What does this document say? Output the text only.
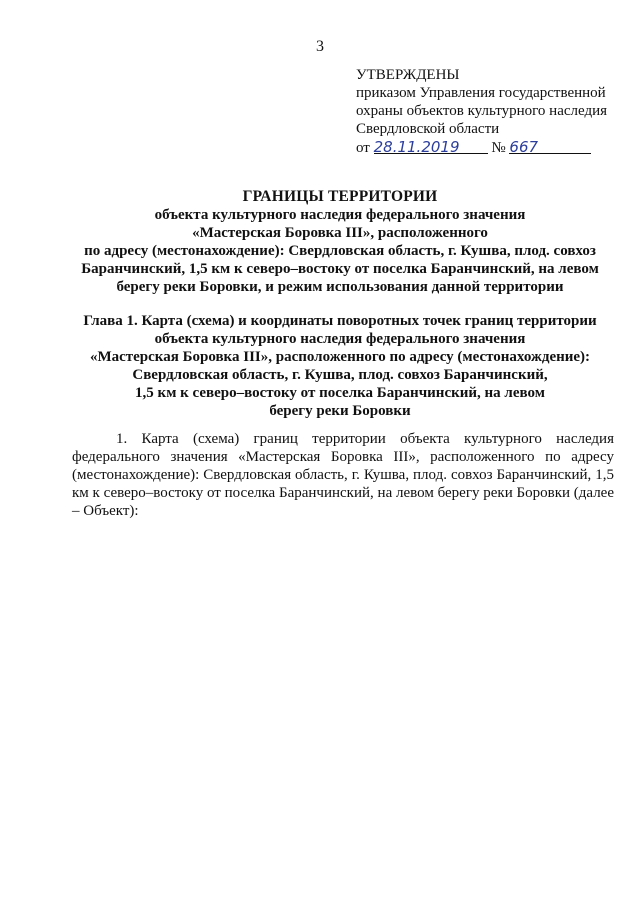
3
УТВЕРЖДЕНЫ
приказом Управления государственной
охраны объектов культурного наследия
Свердловской области
от 28.11.2019 № 667
ГРАНИЦЫ ТЕРРИТОРИИ
объекта культурного наследия федерального значения
«Мастерская Боровка III», расположенного
по адресу (местонахождение): Свердловская область, г. Кушва, плод. совхоз
Баранчинский, 1,5 км к северо–востоку от поселка Баранчинский, на левом
берегу реки Боровки, и режим использования данной территории
Глава 1. Карта (схема) и координаты поворотных точек границ территории
объекта культурного наследия федерального значения
«Мастерская Боровка III», расположенного по адресу (местонахождение):
Свердловская область, г. Кушва, плод. совхоз Баранчинский,
1,5 км к северо–востоку от поселка Баранчинский, на левом
берегу реки Боровки
1. Карта (схема) границ территории объекта культурного наследия
федерального значения «Мастерская Боровка III», расположенного по адресу (местонахождение): Свердловская область, г. Кушва, плод. совхоз Баранчинский, 1,5 км к северо–востоку от поселка Баранчинский, на левом берегу реки Боровки (далее – Объект):
